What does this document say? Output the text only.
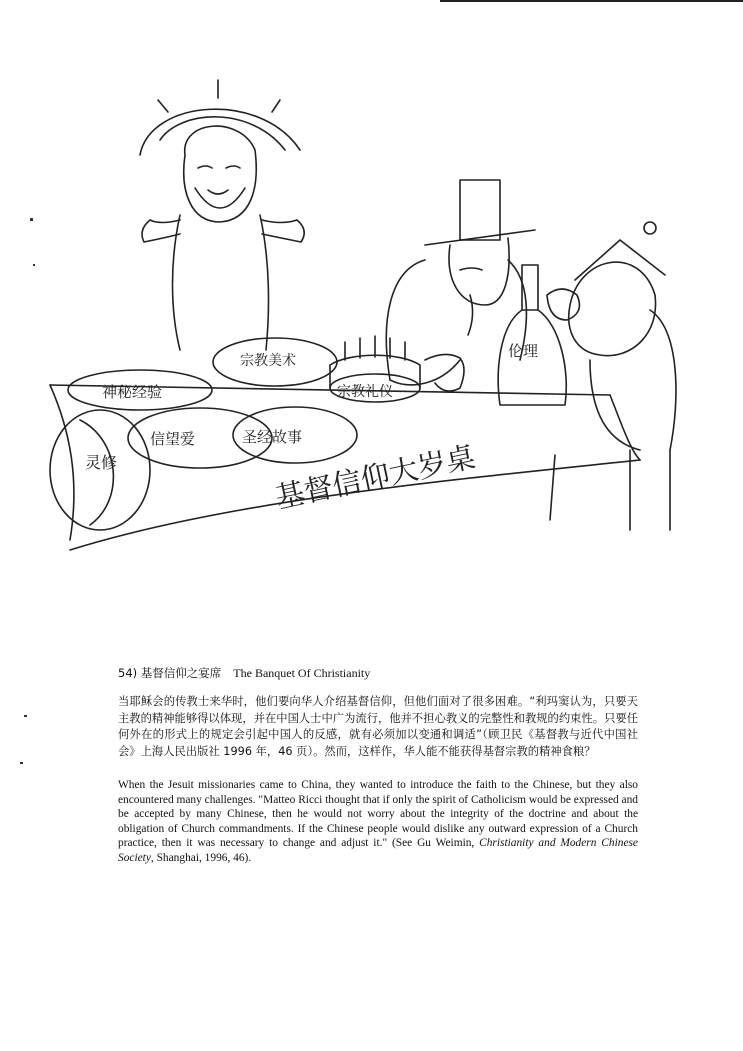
神秘经验
宗教美术
宗教礼仪
伦理
灵修
信望爱	圣经故事
基督信仰大岁桌
54) 基督信仰之宴席 The Banquet Of Christianity
当耶稣会的传教士来华时，他们要向华人介绍基督信仰，但他们面对了很多困难。“利玛窦认为，只要天主教的精神能够得以体现，并在中国人士中广为流行，他并不担心教义的完整性和教规的约束性。只要任何外在的形式上的规定会引起中国人的反感，就有必须加以变通和调适”（顾卫民《基督教与近代中国社会》上海人民出版社 1996 年，46 页）。然而，这样作，华人能不能获得基督宗教的精神食粮？
When the Jesuit missionaries came to China, they wanted to introduce the faith to the Chinese, but they also encountered many challenges. "Matteo Ricci thought that if only the spirit of Catholicism would be expressed and be accepted by many Chinese, then he would not worry about the integrity of the doctrine and about the obligation of Church commandments. If the Chinese people would dislike any outward expression of a Church practice, then it was necessary to change and adjust it." (See Gu Weimin, Christianity and Modern Chinese Society, Shanghai, 1996, 46).
